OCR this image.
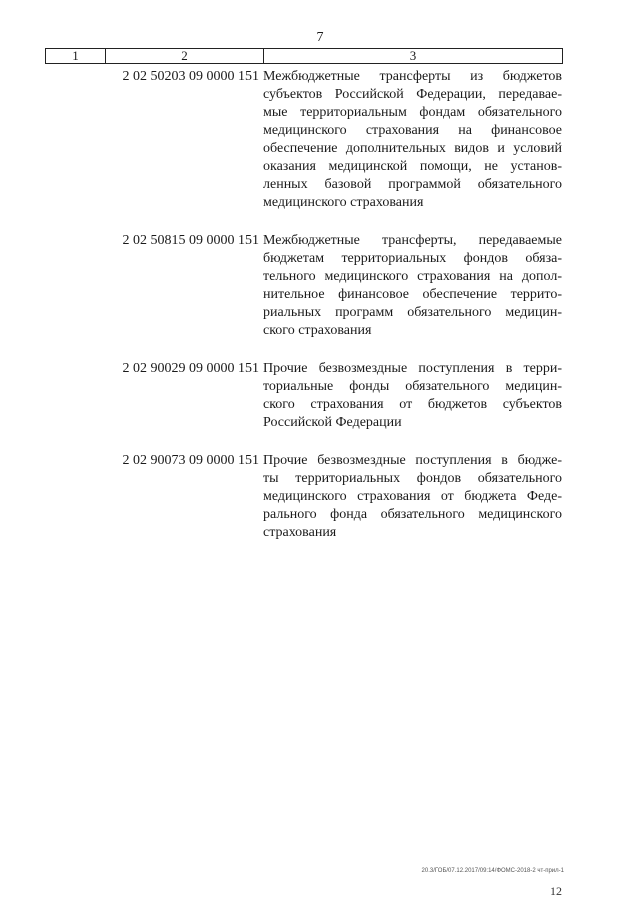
7
1	2	3
2 02 50203 09 0000 151 Межбюджетные трансферты из бюджетов
субъектов Российской Федерации, передавае-
мые территориальным фондам обязательного
медицинского страхования на финансовое
обеспечение дополнительных видов и условий
оказания медицинской помощи, не установ-
ленных базовой программой обязательного
медицинского страхования
2 02 50815 09 0000 151 Межбюджетные трансферты, передаваемые
бюджетам территориальных фондов обяза-
тельного медицинского страхования на допол-
нительное финансовое обеспечение террито-
риальных программ обязательного медицин-
ского страхования
2 02 90029 09 0000 151 Прочие безвозмездные поступления в терри-
ториальные фонды обязательного медицин-
ского страхования от бюджетов субъектов
Российской Федерации
2 02 90073 09 0000 151 Прочие безвозмездные поступления в бюдже-
ты территориальных фондов обязательного
медицинского страхования от бюджета Феде-
рального фонда обязательного медицинского
страхования
20.3/ГОБ/07.12.2017/09:14/ФОМС-2018-2 чт-прил-1
12
